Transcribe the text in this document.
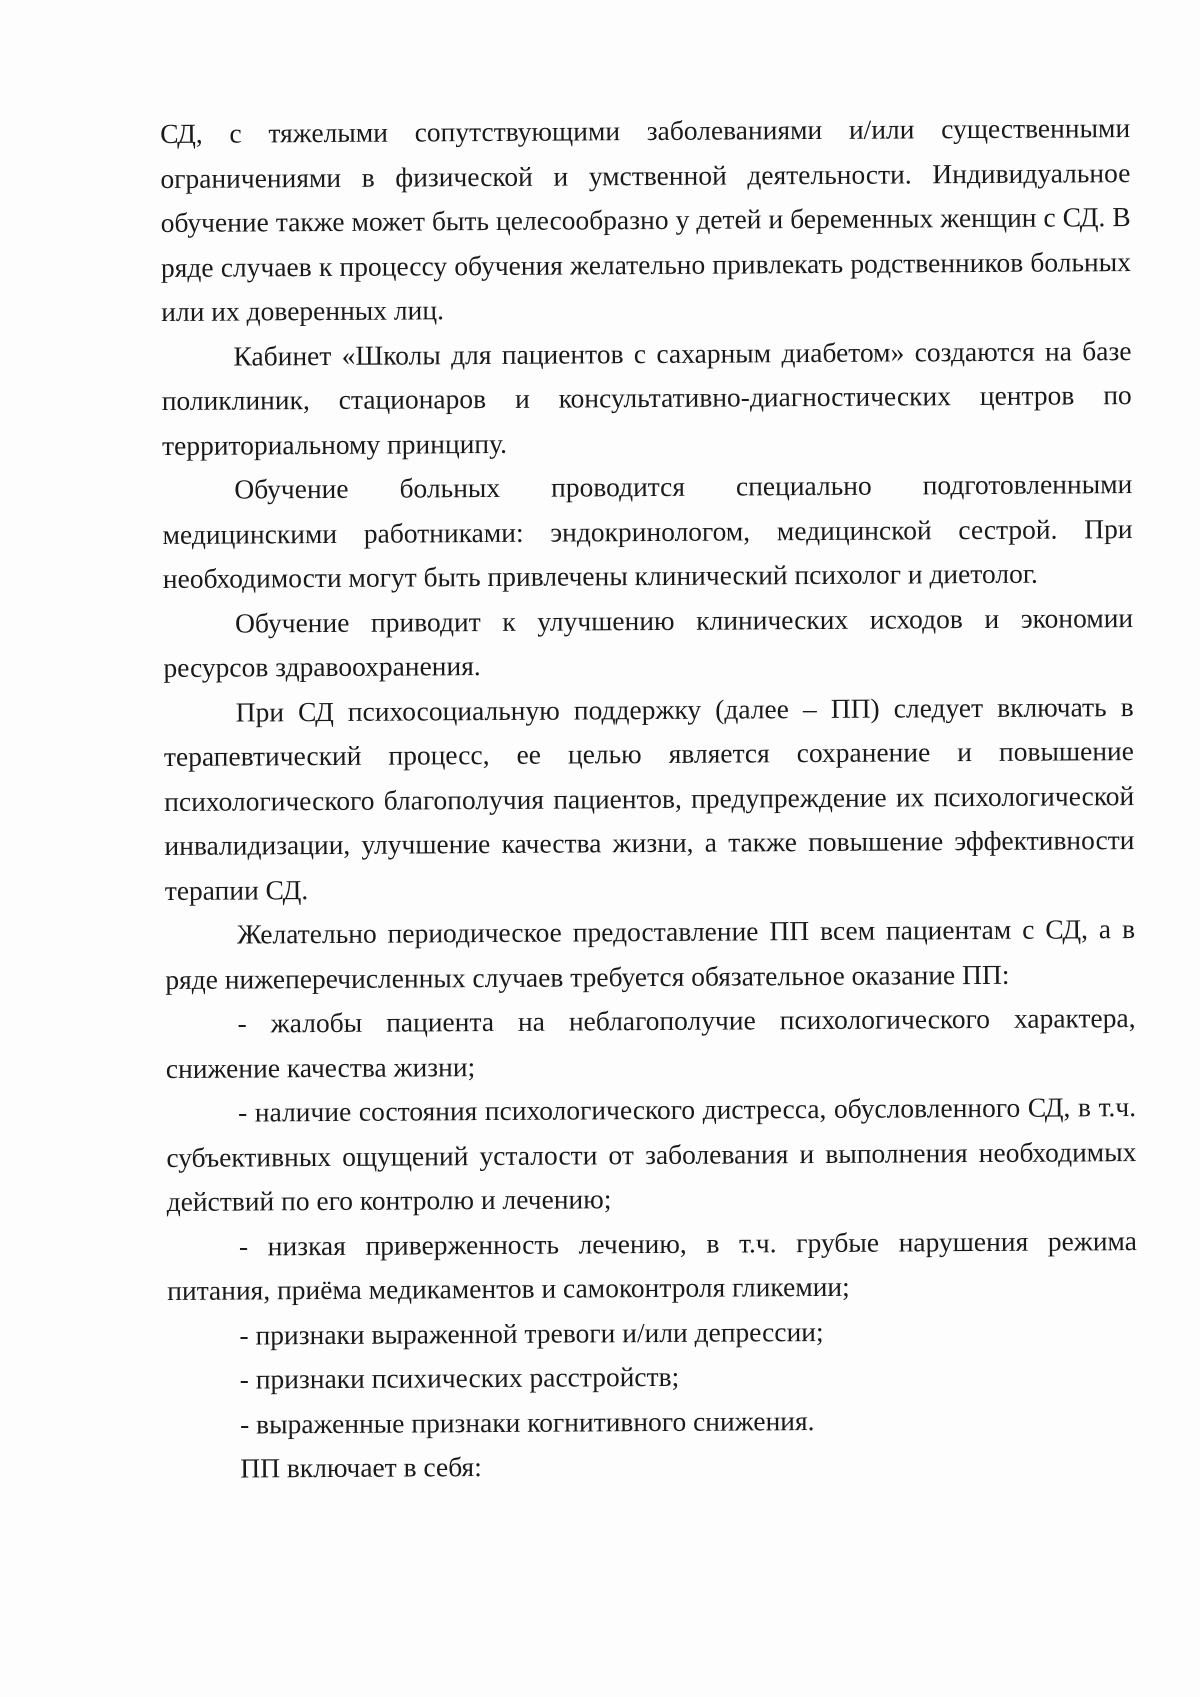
СД, с тяжелыми сопутствующими заболеваниями и/или существенными ограничениями в физической и умственной деятельности. Индивидуальное обучение также может быть целесообразно у детей и беременных женщин с СД. В ряде случаев к процессу обучения желательно привлекать родственников больных или их доверенных лиц.

Кабинет «Школы для пациентов с сахарным диабетом» создаются на базе поликлиник, стационаров и консультативно-диагностических центров по территориальному принципу.

Обучение больных проводится специально подготовленными медицинскими работниками: эндокринологом, медицинской сестрой. При необходимости могут быть привлечены клинический психолог и диетолог.

Обучение приводит к улучшению клинических исходов и экономии ресурсов здравоохранения.

При СД психосоциальную поддержку (далее – ПП) следует включать в терапевтический процесс, ее целью является сохранение и повышение психологического благополучия пациентов, предупреждение их психологической инвалидизации, улучшение качества жизни, а также повышение эффективности терапии СД.

Желательно периодическое предоставление ПП всем пациентам с СД, а в ряде нижеперечисленных случаев требуется обязательное оказание ПП:

- жалобы пациента на неблагополучие психологического характера, снижение качества жизни;

- наличие состояния психологического дистресса, обусловленного СД, в т.ч. субъективных ощущений усталости от заболевания и выполнения необходимых действий по его контролю и лечению;

- низкая приверженность лечению, в т.ч. грубые нарушения режима питания, приёма медикаментов и самоконтроля гликемии;

- признаки выраженной тревоги и/или депрессии;

- признаки психических расстройств;

- выраженные признаки когнитивного снижения.

ПП включает в себя:
